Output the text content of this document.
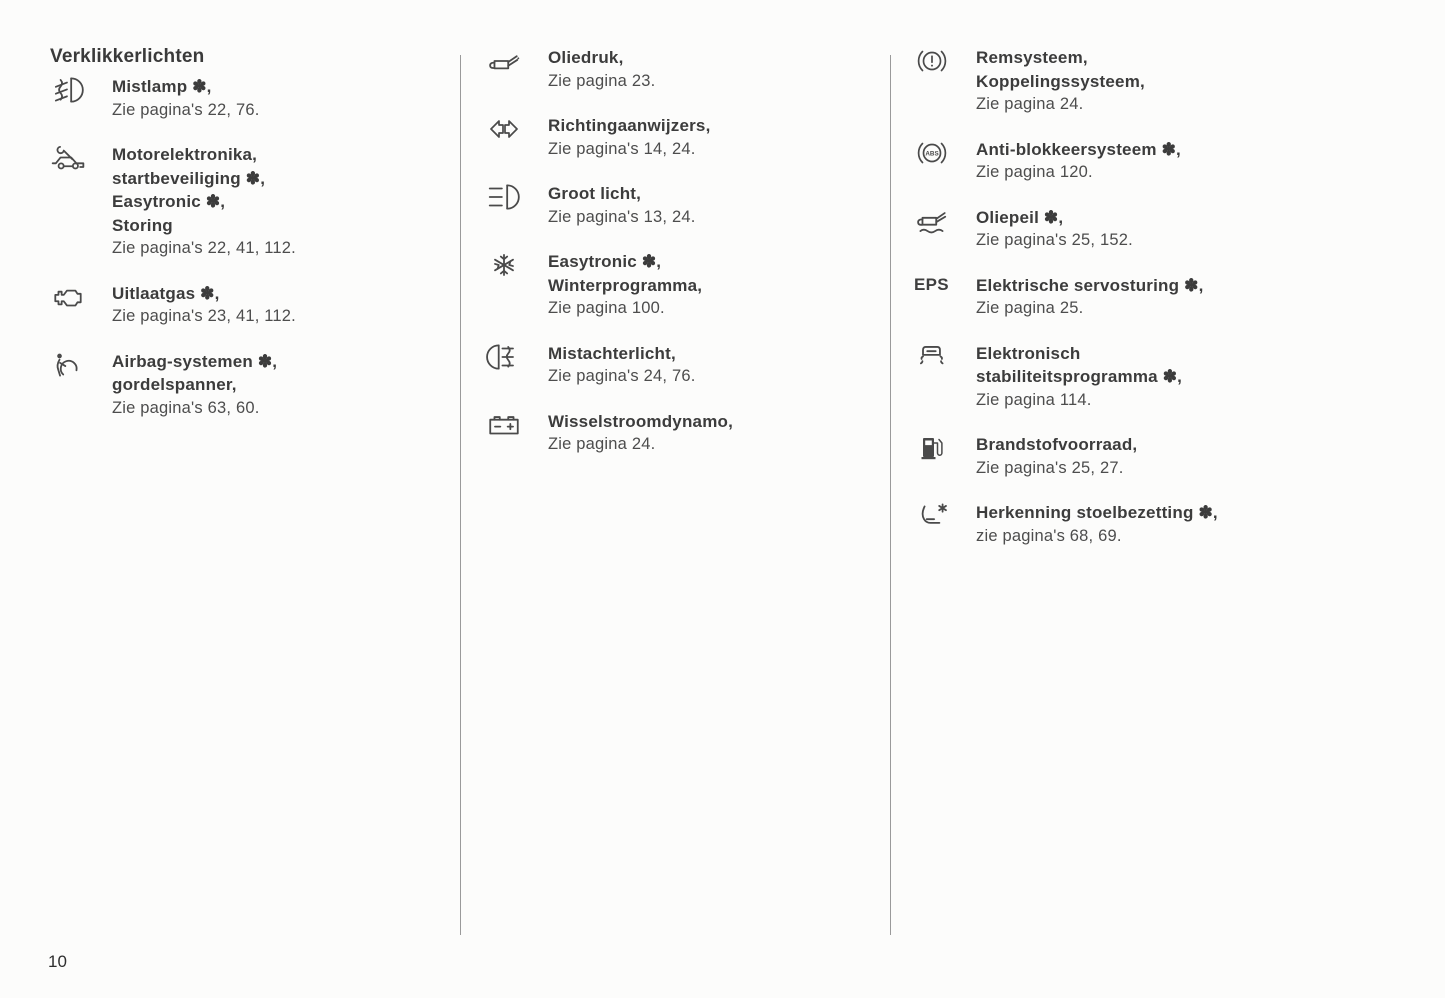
Verklikkerlichten
Mistlamp ✽,
Zie pagina's 22, 76.
Motorelektronika,
startbeveiliging ✽,
Easytronic ✽,
Storing
Zie pagina's 22, 41, 112.
Uitlaatgas ✽,
Zie pagina's 23, 41, 112.
Airbag-systemen ✽,
gordelspanner,
Zie pagina's 63, 60.
Oliedruk,
Zie pagina 23.
Richtingaanwijzers,
Zie pagina's 14, 24.
Groot licht,
Zie pagina's 13, 24.
Easytronic ✽,
Winterprogramma,
Zie pagina 100.
Mistachterlicht,
Zie pagina's 24, 76.
Wisselstroomdynamo,
Zie pagina 24.
Remsysteem,
Koppelingssysteem,
Zie pagina 24.
ABS Anti-blokkeersysteem ✽,
Zie pagina 120.
Oliepeil ✽,
Zie pagina's 25, 152.
EPS	Elektrische servosturing ✽,
Zie pagina 25.
Elektronisch
stabiliteitsprogramma ✽,
Zie pagina 114.
Brandstofvoorraad,
Zie pagina's 25, 27.
Herkenning stoelbezetting ✽,
zie pagina's 68, 69.
10
